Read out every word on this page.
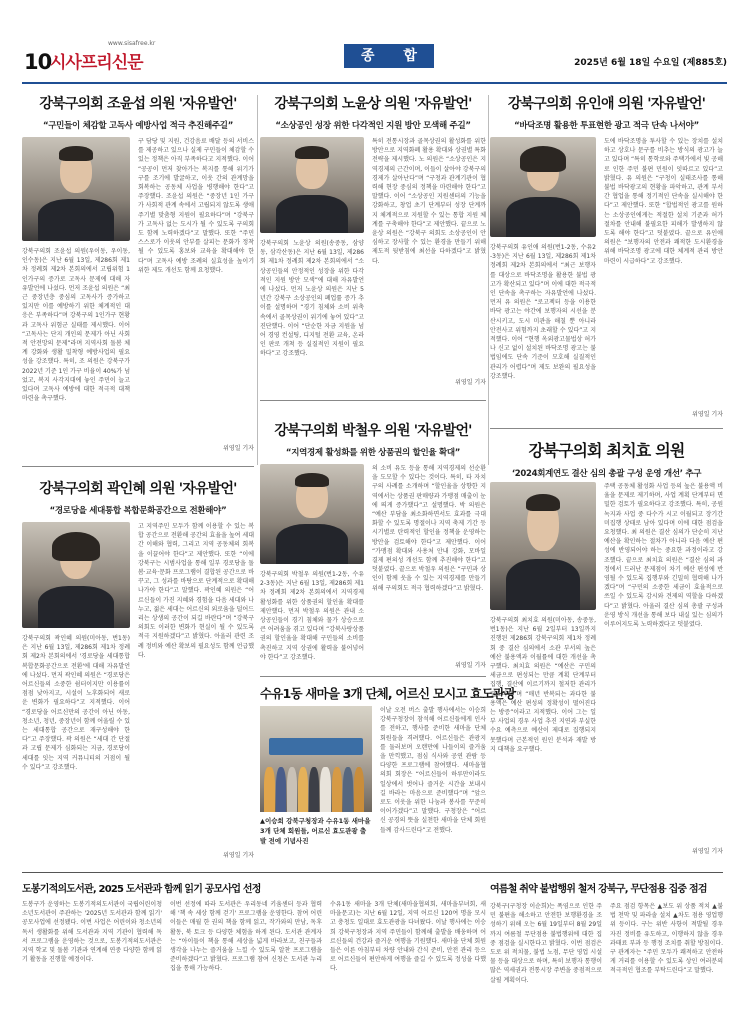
10
시사프리신문
www.sisafree.kr
종 합	2025년 6월 18일 수요일 (제885호)
강북구의회 조윤섭 의원 '자유발언'
“구민들이 체감할 고독사 예방사업 적극 추진해주길”
강북구의회 조윤섭 의원(우이동, 우이동, 인수동)은 지난 6월 13일, 제286회 제1차 정례회 제2차 본회의에서 고립위험 1인가구의 증가로 고독사 문제에 대해 자유발언에 나섰다. 먼저 조윤섭 의원은 “최근 중장년층 중심의 고독사가 증가하고 있지만 이를 예방하기 위한 체계적인 대응은 부족하다”며 강북구의 1인가구 현황과 고독사 위험군 실태를 제시했다. 이어 “고독사는 단지 개인의 문제가 아닌 사회적 안전망의 문제”라며 지역사회 돌봄 체계 강화와 생활 밀착형 예방사업의 필요성을 강조했다. 특히, 조 의원은 강북구가 2022년 기준 1인 가구 비율이 40%가 넘었고, 복지 사각지대에 놓인 주민이 늘고 있다며 고독사 예방에 대한 적극적 대책 마련을 촉구했다.
구 담당 및 지원, 건강음료 배달 등의 서비스를 제공하고 있으나 실제 구민들이 체감할 수 있는 정책은 아직 부족하다고 지적했다. 이어 “공공이 먼저 찾아가는 복지를 통해 위기가구를 조기에 발굴하고, 이웃 간의 관계망을 회복하는 공동체 사업을 병행해야 한다”고 주장했다. 조윤섭 의원은 “중장년 1인 가구가 사회적 관계 속에서 고립되지 않도록 생애주기별 맞춤형 지원이 필요하다”며 “강북구가 고독사 없는 도시가 될 수 있도록 구의회도 함께 노력하겠다”고 말했다. 또한 “주민 스스로가 이웃의 안부를 살피는 문화가 정착될 수 있도록 홍보와 교육을 확대해야 한다”며 고독사 예방 조례의 실효성을 높이기 위한 제도 개선도 함께 요청했다.
위영일 기자
강북구의회 노윤상 의원 '자유발언'
“소상공인 성장 위한 다각적인 지원 방안 모색해 주길”
강북구의회 노윤상 의원(송중동, 삼양동, 삼각산동)은 지난 6월 13일, 제286회 제1차 정례회 제2차 본회의에서 “소상공인들의 안정적인 성장을 위한 다각적인 지원 방안 모색”에 대해 자유발언에 나섰다. 먼저 노윤상 의원은 지난 5년간 강북구 소상공인의 폐업률 증가 추이를 설명하며 “경기 침체와 소비 위축 속에서 골목상권이 위기에 놓여 있다”고 진단했다. 이어 “단순한 자금 지원을 넘어 경영 컨설팅, 디지털 전환 교육, 온라인 판로 개척 등 실질적인 지원이 필요하다”고 강조했다.
특히 전통시장과 골목상권의 활성화를 위한 방안으로 지역화폐 활용 확대와 상권별 특화 전략을 제시했다. 노 의원은 “소상공인은 지역경제의 근간이며, 이들이 살아야 강북구의 경제가 살아난다”며 “구청과 관계기관이 협력해 현장 중심의 정책을 마련해야 한다”고 말했다. 이어 “소상공인 지원센터의 기능을 강화하고, 창업 초기 단계부터 성장 단계까지 체계적으로 지원할 수 있는 통합 지원 체계를 구축해야 한다”고 제안했다. 끝으로 노윤상 의원은 “강북구 의회도 소상공인이 안심하고 장사할 수 있는 환경을 만들기 위해 제도적 뒷받침에 최선을 다하겠다”고 밝혔다.
위영일 기자
강북구의회 유인애 의원 '자유발언'
“바닥조명 활용한 투표현한 광고 적극 단속 나서야”
강북구의회 유인애 의원(번1-2동, 수유2-3동)은 지난 6월 13일, 제286회 제1차 정례회 제2차 본회의에서 “최근 보행자를 대상으로 바닥조명을 활용한 불법 광고가 확산되고 있다”며 이에 대한 적극적인 단속을 촉구하는 자유발언에 나섰다. 먼저 유 의원은 “로고젝터 등을 이용한 바닥 광고는 야간에 보행자의 시선을 분산시키고, 도시 미관을 해칠 뿐 아니라 안전사고 위험까지 초래할 수 있다”고 지적했다. 이어 “현행 옥외광고물법상 허가나 신고 없이 설치된 바닥조명 광고는 불법임에도 단속 기준이 모호해 실질적인 관리가 어렵다”며 제도 보완의 필요성을 강조했다.
도에 바닥조명을 투사할 수 있는 장치를 설치하고 상호나 문구를 비추는 방식의 광고가 늘고 있다며 “특히 통학로와 주택가에서 빛 공해로 인한 주민 불편 민원이 잇따르고 있다”고 밝혔다. 유 의원은 “구청이 실태조사를 통해 불법 바닥광고의 현황을 파악하고, 관계 부서 간 협업을 통해 정기적인 단속을 실시해야 한다”고 제안했다. 또한 “합법적인 광고를 원하는 소상공인에게는 적절한 설치 기준과 허가 절차를 안내해 불필요한 피해가 발생하지 않도록 해야 한다”고 덧붙였다. 끝으로 유인애 의원은 “보행자의 안전과 쾌적한 도시환경을 위해 바닥조명 광고에 대한 체계적 관리 방안 마련이 시급하다”고 강조했다.
위영일 기자
강북구의회 박철우 의원 '자유발언'
“지역경제 활성화를 위한 상품권의 할인율 확대”
강북구의회 박철우 의원(번1-2동, 수유2-3동)은 지난 6월 13일, 제286회 제1차 정례회 제2차 본회의에서 지역경제 활성화를 위한 상품권의 할인율 확대를 제안했다. 먼저 박철우 의원은 관내 소상공인들이 경기 침체와 물가 상승으로 큰 어려움을 겪고 있다며 “강북사랑상품권의 할인율을 확대해 구민들의 소비를 촉진하고 지역 상권에 활력을 불어넣어야 한다”고 강조했다.
의 소비 유도 등을 통해 지역경제의 선순환을 도모할 수 있다는 것이다. 특히, 타 자치구의 사례를 소개하며 “할인율을 상향한 지역에서는 상품권 판매량과 가맹점 매출이 눈에 띄게 증가했다”고 설명했다. 박 의원은 “예산 부담을 최소화하면서도 효과를 극대화할 수 있도록 명절이나 지역 축제 기간 등 시기별로 탄력적인 할인율 정책을 운영하는 방안을 검토해야 한다”고 제안했다. 이어 “가맹점 확대와 사용처 안내 강화, 모바일 결제 편의성 개선도 함께 추진해야 한다”고 덧붙였다. 끝으로 박철우 의원은 “구민과 상인이 함께 웃을 수 있는 지역경제를 만들기 위해 구의회도 적극 협력하겠다”고 밝혔다.
위영일 기자
강북구의회 곽인혜 의원 '자유발언'
“경로당을 세대통합 복합문화공간으로 전환해야”
강북구의회 곽인혜 의원(미아동, 번1동)은 지난 6월 13일, 제286회 제1차 정례회 제2차 본회의에서 '경로당을 세대통합 복합문화공간으로 전환'에 대해 자유발언에 나섰다. 먼저 곽인혜 의원은 “경로당은 어르신들의 소중한 쉼터이지만 이용률이 점점 낮아지고, 시설이 노후화되어 새로운 변화가 필요하다”고 지적했다. 이어 “경로당을 어르신만의 공간이 아닌 아동, 청소년, 청년, 중장년이 함께 어울릴 수 있는 세대통합 공간으로 재구성해야 한다”고 주장했다. 곽 의원은 “세대 간 단절과 고립 문제가 심화되는 지금, 경로당이 세대를 잇는 지역 커뮤니티의 거점이 될 수 있다”고 강조했다.
고 지역주민 모두가 함께 이용할 수 있는 복합 공간으로 전환해 공간의 효율을 높여 세대 간 이해와 협력, 그리고 지역 공동체의 회복을 이끌어야 한다”고 제안했다. 또한 “이에 강북구는 시범사업을 통해 일부 경로당을 돌봄·교육·문화 프로그램이 결합된 공간으로 바꾸고, 그 성과를 바탕으로 단계적으로 확대해 나가야 한다”고 말했다. 곽인혜 의원은 “어르신들이 가진 지혜와 경험을 다음 세대와 나누고, 젊은 세대는 어르신의 외로움을 덜어드리는 상생의 공간이 되길 바란다”며 “강북구의회도 이러한 변화가 현실이 될 수 있도록 적극 지원하겠다”고 밝혔다. 아울러 관련 조례 정비와 예산 확보의 필요성도 함께 언급했다.
위영일 기자
강북구의회 최치효 의원
‘2024회계연도 결산 심의 총괄 구성 운영 개선’ 추구
강북구의회 최치효 의원(미아동, 송중동, 번1동)은 지난 6월 2일부터 13일까지 진행된 제286회 강북구의회 제1차 정례회 중 결산 심의에서 소관 부서의 높은 예산 불용액과 이월률에 대한 개선을 촉구했다. 최치효 의원은 “예산은 구민의 세금으로 편성되는 만큼 계획 단계부터 집행, 결산에 이르기까지 철저한 관리가 필요하다”며 “매년 반복되는 과다한 불용액은 예산 편성의 정확성이 떨어진다는 방증”이라고 지적했다. 이어 그는 일부 사업의 경우 사업 추진 지연과 부실한 수요 예측으로 예산이 제대로 집행되지 못했다며 근본적인 원인 분석과 재발 방지 대책을 요구했다.
주택 공동체 활성화 사업 등의 높은 불용액 비율을 문제로 제기하며, 사업 계획 단계부터 면밀한 검토가 필요하다고 강조했다. 특히, 공원녹지과 사업 중 다수가 시고 이월되고 장기간 미집행 상태로 남아 있다며 이에 대한 점검을 요청했다. 최 의원은 결산 심의가 단순히 지난 예산을 확인하는 절차가 아니라 다음 예산 편성에 반영되어야 하는 중요한 과정이라고 강조했다. 끝으로 최치효 의원은 “결산 심의 과정에서 드러난 문제점이 차기 예산 편성에 반영될 수 있도록 집행부와 긴밀히 협력해 나가겠다”며 “구민의 소중한 세금이 효율적으로 쓰일 수 있도록 감시와 견제의 역할을 다하겠다”고 밝혔다. 아울러 결산 심의 총괄 구성과 운영 방식 개선을 통해 보다 내실 있는 심의가 이루어지도록 노력하겠다고 덧붙였다.
위영일 기자
수유1동 새마을 3개 단체, 어르신 모시고 효도관광
▲이승희 강북구청장과 수유1동 새마을 3개 단체 회원들, 어르신 효도관광 출발 전에 기념사진
이날 오전 버스 출발 행사에서는 이승희 강북구청장이 참석해 어르신들에게 인사를 전하고, 행사를 준비한 새마을 단체 회원들을 격려했다. 어르신들은 관광지를 둘러보며 오랜만에 나들이의 즐거움을 만끽했고, 점심 식사와 공연 관람 등 다양한 프로그램에 참여했다. 새마을협의회 회장은 “어르신들이 하루만이라도 일상에서 벗어나 즐거운 시간을 보내시길 바라는 마음으로 준비했다”며 “앞으로도 이웃을 위한 나눔과 봉사를 꾸준히 이어가겠다”고 말했다. 구청장은 “어르신 공경의 뜻을 실천한 새마을 단체 회원들께 감사드린다”고 전했다.
도봉기적의도서관, 2025 도서관과 함께 읽기 공모사업 선정
도봉구가 운영하는 도봉기적의도서관이 국립어린이청소년도서관이 주관하는 '2025년 도서관과 함께 읽기' 공모사업에 선정됐다. 이번 사업은 어린이와 청소년의 독서 생활화를 위해 도서관과 지역 기관이 협력해 독서 프로그램을 운영하는 것으로, 도봉기적의도서관은 지역 학교 및 돌봄 기관과 연계해 연중 다양한 함께 읽기 활동을 진행할 예정이다.
이번 선정에 따라 도서관은 우리동네 키움센터 등과 협력해 '책 속 세상 함께 걷기' 프로그램을 운영한다. 참여 어린이들은 매월 한 권의 책을 함께 읽고, 작가와의 만남, 독후 활동, 북 토크 등 다양한 체험을 하게 된다. 도서관 관계자는 “아이들이 책을 통해 세상을 넓게 바라보고, 친구들과 생각을 나누는 즐거움을 느낄 수 있도록 알찬 프로그램을 준비하겠다”고 밝혔다. 프로그램 참여 신청은 도서관 누리집을 통해 가능하다.
수유1동 새마을 3개 단체(새마을협의회, 새마을부녀회, 새마을문고)는 지난 6월 12일, 지역 어르신 120여 명을 모시고 충청도 일대로 효도관광을 다녀왔다. 이날 행사에는 이승희 강북구청장과 지역 주민들이 함께해 출발을 배웅하며 어르신들의 건강과 즐거운 여행을 기원했다. 새마을 단체 회원들은 이른 아침부터 차량 안내와 간식 준비, 안전 관리 등으로 어르신들이 편안하게 여행을 즐길 수 있도록 정성을 다했다.
여름철 취약 불법행위 철저 강북구, 무단점용 집중 점검
강북구(구청장 이순희)는 폭염으로 인한 주민 불편을 해소하고 안전한 보행환경을 조성하기 위해 오는 6월 19일부터 8월 29일까지 여름철 무단점용 불법행위에 대한 집중 점검을 실시한다고 밝혔다. 이번 점검은 도로 위 적치물, 불법 노점, 무단 영업 시설물 등을 대상으로 하며, 특히 보행자 통행이 많은 역세권과 전통시장 주변을 중점적으로 살필 계획이다.
주요 점검 항목은 ▲보도 위 상품 적치 ▲불법 천막 및 파라솔 설치 ▲차도 점용 영업행위 등이다. 구는 위반 사항이 적발될 경우 자진 정비를 유도하고, 이행하지 않을 경우 과태료 부과 등 행정 조치를 취할 방침이다. 구 관계자는 “주민 모두가 쾌적하고 안전하게 거리를 이용할 수 있도록 상인 여러분의 적극적인 협조를 부탁드린다”고 말했다.
